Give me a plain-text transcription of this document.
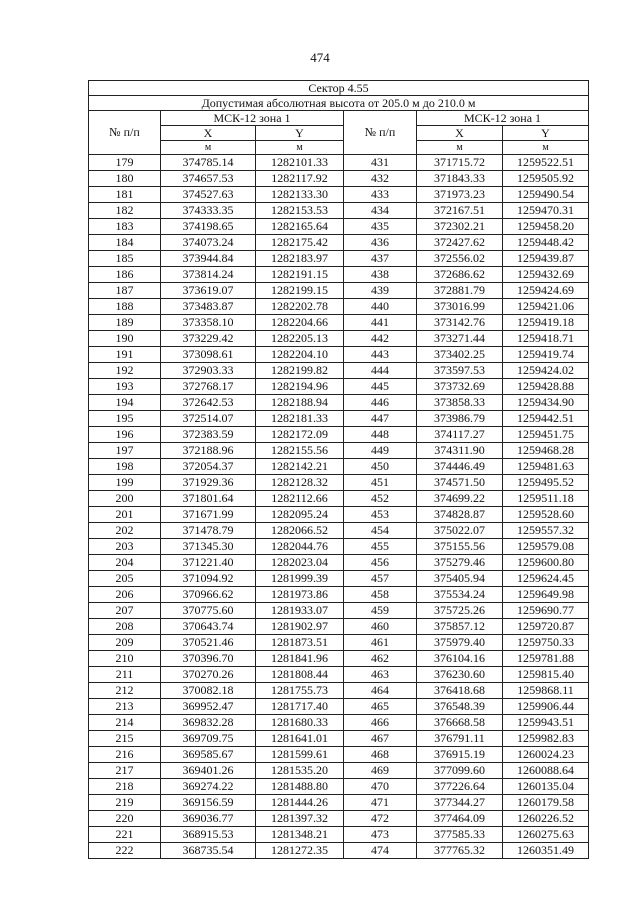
474
Сектор 4.55					
Допустимая абсолютная высота от 205.0 м до 210.0 м					
№ п/п	МСК-12 зона 1		№ п/п	МСК-12 зона 1	
	X	Y		X	Y
	м	м		м	м
179	374785.14	1282101.33	431	371715.72	1259522.51
180	374657.53	1282117.92	432	371843.33	1259505.92
181	374527.63	1282133.30	433	371973.23	1259490.54
182	374333.35	1282153.53	434	372167.51	1259470.31
183	374198.65	1282165.64	435	372302.21	1259458.20
184	374073.24	1282175.42	436	372427.62	1259448.42
185	373944.84	1282183.97	437	372556.02	1259439.87
186	373814.24	1282191.15	438	372686.62	1259432.69
187	373619.07	1282199.15	439	372881.79	1259424.69
188	373483.87	1282202.78	440	373016.99	1259421.06
189	373358.10	1282204.66	441	373142.76	1259419.18
190	373229.42	1282205.13	442	373271.44	1259418.71
191	373098.61	1282204.10	443	373402.25	1259419.74
192	372903.33	1282199.82	444	373597.53	1259424.02
193	372768.17	1282194.96	445	373732.69	1259428.88
194	372642.53	1282188.94	446	373858.33	1259434.90
195	372514.07	1282181.33	447	373986.79	1259442.51
196	372383.59	1282172.09	448	374117.27	1259451.75
197	372188.96	1282155.56	449	374311.90	1259468.28
198	372054.37	1282142.21	450	374446.49	1259481.63
199	371929.36	1282128.32	451	374571.50	1259495.52
200	371801.64	1282112.66	452	374699.22	1259511.18
201	371671.99	1282095.24	453	374828.87	1259528.60
202	371478.79	1282066.52	454	375022.07	1259557.32
203	371345.30	1282044.76	455	375155.56	1259579.08
204	371221.40	1282023.04	456	375279.46	1259600.80
205	371094.92	1281999.39	457	375405.94	1259624.45
206	370966.62	1281973.86	458	375534.24	1259649.98
207	370775.60	1281933.07	459	375725.26	1259690.77
208	370643.74	1281902.97	460	375857.12	1259720.87
209	370521.46	1281873.51	461	375979.40	1259750.33
210	370396.70	1281841.96	462	376104.16	1259781.88
211	370270.26	1281808.44	463	376230.60	1259815.40
212	370082.18	1281755.73	464	376418.68	1259868.11
213	369952.47	1281717.40	465	376548.39	1259906.44
214	369832.28	1281680.33	466	376668.58	1259943.51
215	369709.75	1281641.01	467	376791.11	1259982.83
216	369585.67	1281599.61	468	376915.19	1260024.23
217	369401.26	1281535.20	469	377099.60	1260088.64
218	369274.22	1281488.80	470	377226.64	1260135.04
219	369156.59	1281444.26	471	377344.27	1260179.58
220	369036.77	1281397.32	472	377464.09	1260226.52
221	368915.53	1281348.21	473	377585.33	1260275.63
222	368735.54	1281272.35	474	377765.32	1260351.49
